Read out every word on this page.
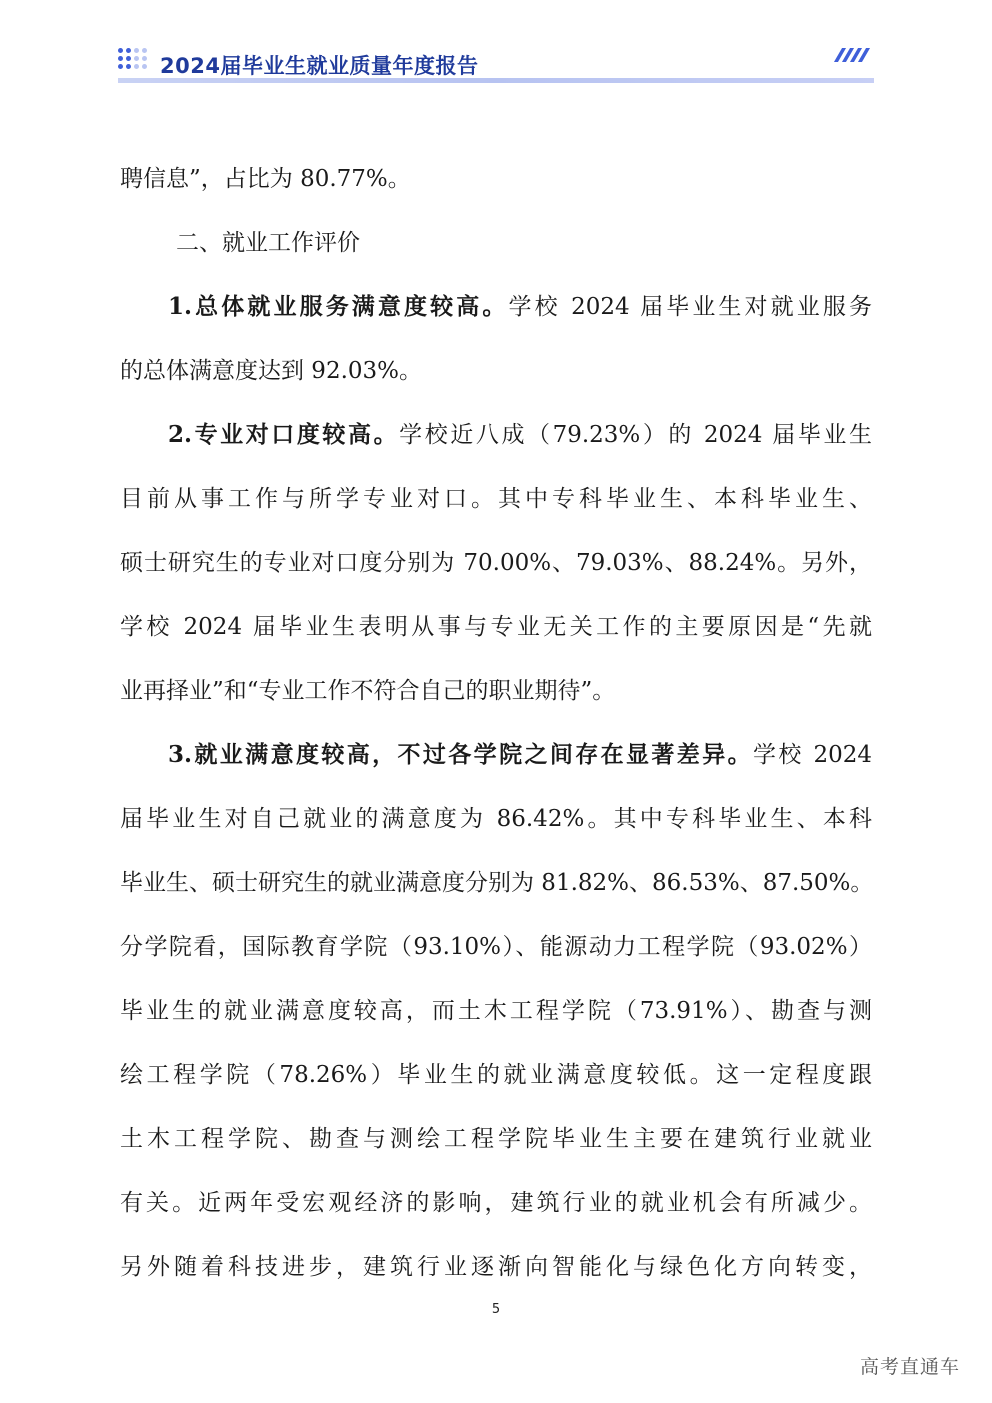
2024届毕业生就业质量年度报告
聘信息”，占比为 80.77%。
二、就业工作评价
1.总体就业服务满意度较高。学校 2024 届毕业生对就业服务
的总体满意度达到 92.03%。
2.专业对口度较高。学校近八成（79.23%）的 2024 届毕业生
目前从事工作与所学专业对口。其中专科毕业生、本科毕业生、
硕士研究生的专业对口度分别为 70.00%、79.03%、88.24%。另外，
学校 2024 届毕业生表明从事与专业无关工作的主要原因是“先就
业再择业”和“专业工作不符合自己的职业期待”。
3.就业满意度较高，不过各学院之间存在显著差异。学校 2024
届毕业生对自己就业的满意度为 86.42%。其中专科毕业生、本科
毕业生、硕士研究生的就业满意度分别为 81.82%、86.53%、87.50%。
分学院看，国际教育学院（93.10%）、能源动力工程学院（93.02%）
毕业生的就业满意度较高，而土木工程学院（73.91%）、勘查与测
绘工程学院（78.26%）毕业生的就业满意度较低。这一定程度跟
土木工程学院、勘查与测绘工程学院毕业生主要在建筑行业就业
有关。近两年受宏观经济的影响，建筑行业的就业机会有所减少。
另外随着科技进步，建筑行业逐渐向智能化与绿色化方向转变，
5
高考直通车
